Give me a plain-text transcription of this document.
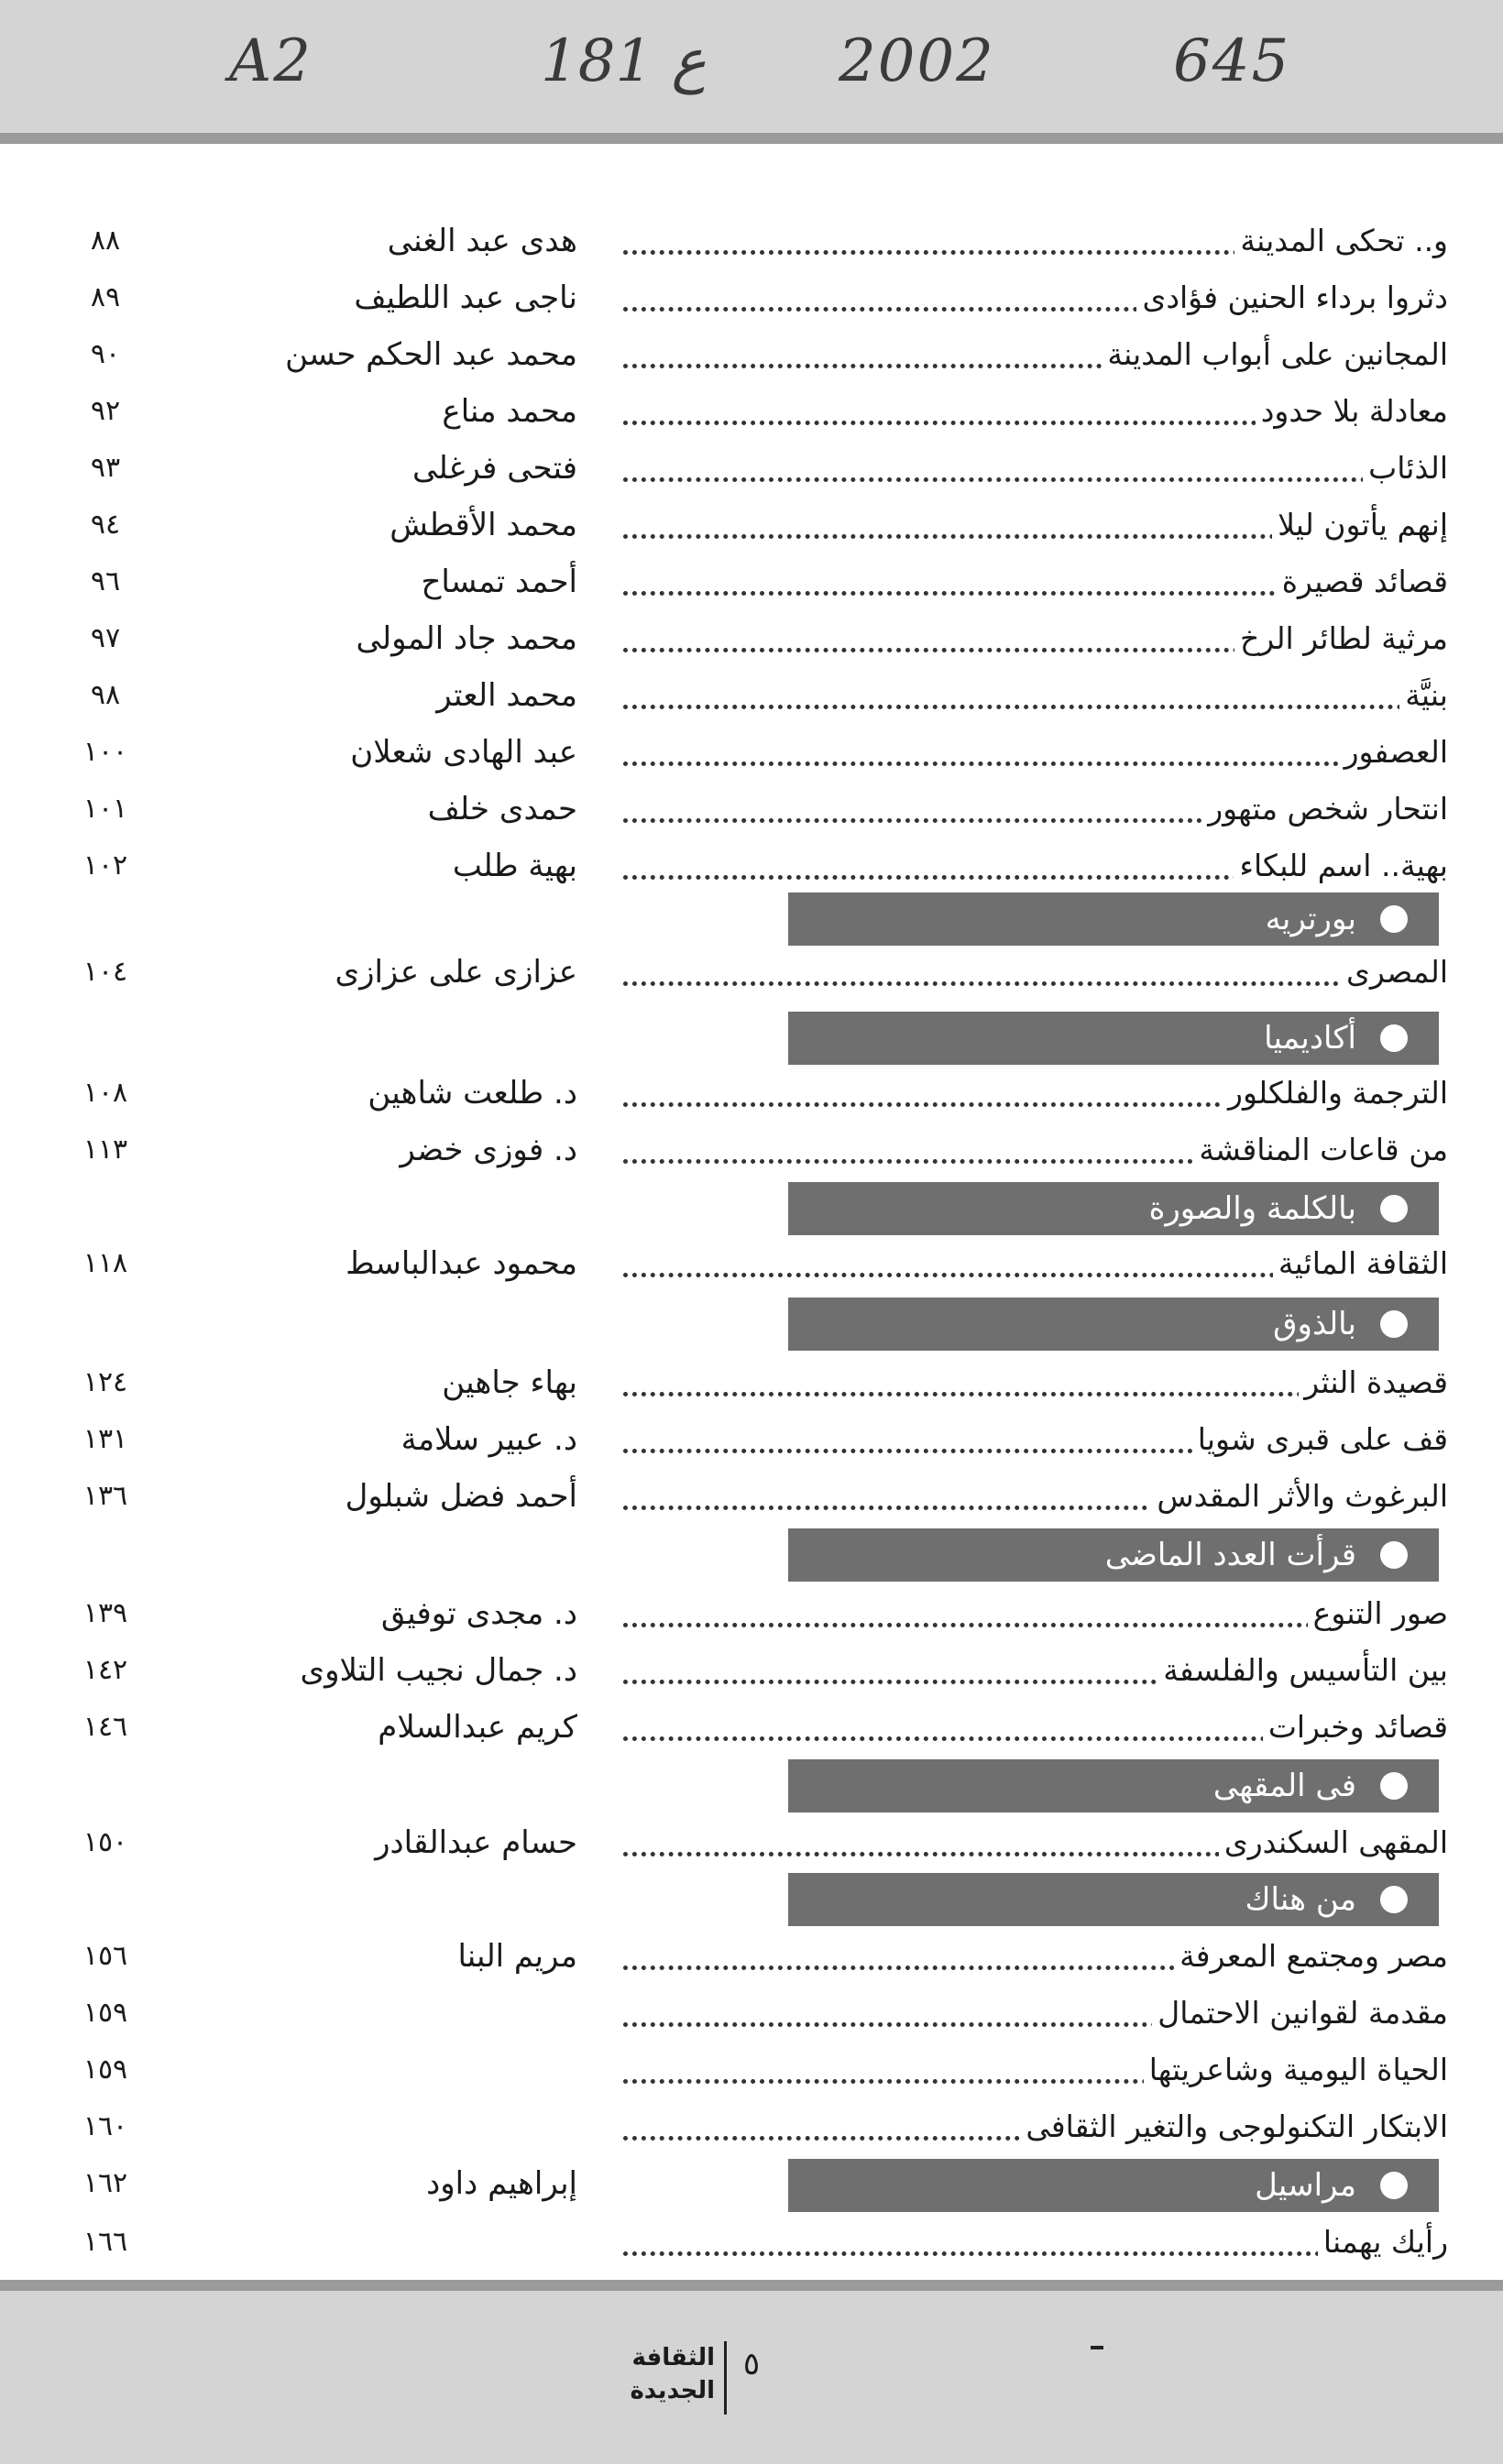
645
2002
ع 181
A2
و.. تحكى المدينة
هدى عبد الغنى
٨٨
دثروا برداء الحنين فؤادى
ناجى عبد اللطيف
٨٩
المجانين على أبواب المدينة
محمد عبد الحكم حسن
٩٠
معادلة بلا حدود
محمد مناع
٩٢
الذئاب
فتحى فرغلى
٩٣
إنهم يأتون ليلا
محمد الأقطش
٩٤
قصائد قصيرة
أحمد تمساح
٩٦
مرثية لطائر الرخ
محمد جاد المولى
٩٧
بنيَّة
محمد العتر
٩٨
العصفور
عبد الهادى شعلان
١٠٠
انتحار شخص متهور
حمدى خلف
١٠١
بهية.. اسم للبكاء
بهية طلب
١٠٢
بورتريه
المصرى
عزازى على عزازى
١٠٤
أكاديميا
الترجمة والفلكلور
د. طلعت شاهين
١٠٨
من قاعات المناقشة
د. فوزى خضر
١١٣
بالكلمة والصورة
الثقافة المائية
محمود عبدالباسط
١١٨
بالذوق
قصيدة النثر
بهاء جاهين
١٢٤
قف على قبرى شويا
د. عبير سلامة
١٣١
البرغوث والأثر المقدس
أحمد فضل شبلول
١٣٦
قرأت العدد الماضى
صور التنوع
د. مجدى توفيق
١٣٩
بين التأسيس والفلسفة
د. جمال نجيب التلاوى
١٤٢
قصائد وخبرات
كريم عبدالسلام
١٤٦
فى المقهى
المقهى السكندرى
حسام عبدالقادر
١٥٠
من هناك
مصر ومجتمع المعرفة
مريم البنا
١٥٦
مقدمة لقوانين الاحتمال
١٥٩
الحياة اليومية وشاعريتها
١٥٩
الابتكار التكنولوجى والتغير الثقافى
١٦٠
مراسيل
إبراهيم داود
١٦٢
رأيك يهمنا
١٦٦
الثقافة
الجديدة
٥
